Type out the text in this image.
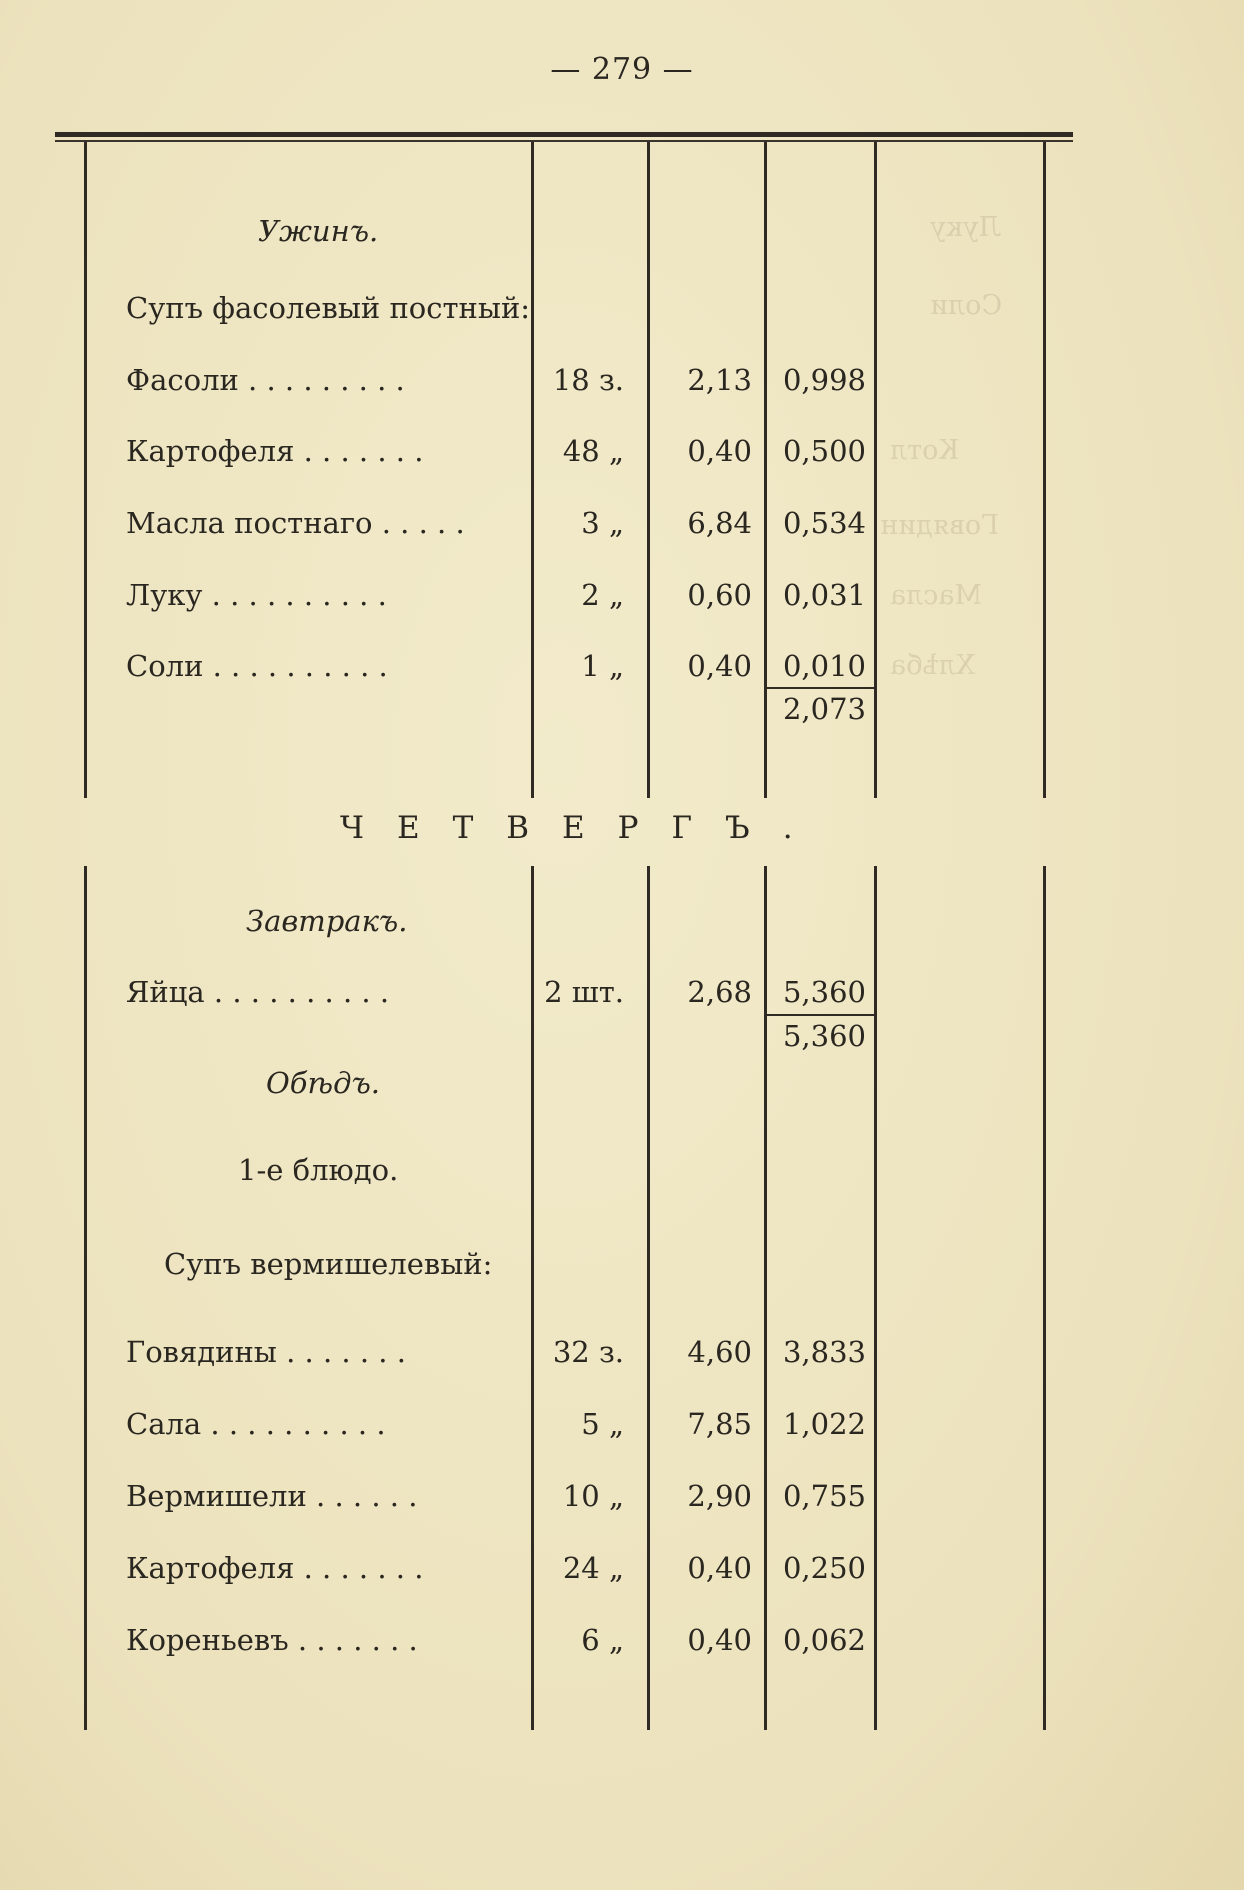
Луку
Соли
Котл
Говядин
Масла
Хлѣба
— 279 —
Ужинъ.
Супъ фасолевый постный:
Фасоли . . . . . . . . .	18 з.	2,13	0,998
Картофеля . . . . . . .	48 „	0,40	0,500
Масла постнаго . . . . .	3 „	6,84	0,534
Луку . . . . . . . . . .	2 „	0,60	0,031
Соли . . . . . . . . . .	1 „	0,40	0,010
2,073
ЧЕТВЕРГЪ.
Завтракъ.
Яйца . . . . . . . . . .	2 шт.	2,68	5,360
5,360
Обѣдъ.
1-е блюдо.
Супъ вермишелевый:
Говядины . . . . . . .	32 з.	4,60	3,833
Сала . . . . . . . . . .	5 „	7,85	1,022
Вермишели . . . . . .	10 „	2,90	0,755
Картофеля . . . . . . .	24 „	0,40	0,250
Кореньевъ . . . . . . .	6 „	0,40	0,062
